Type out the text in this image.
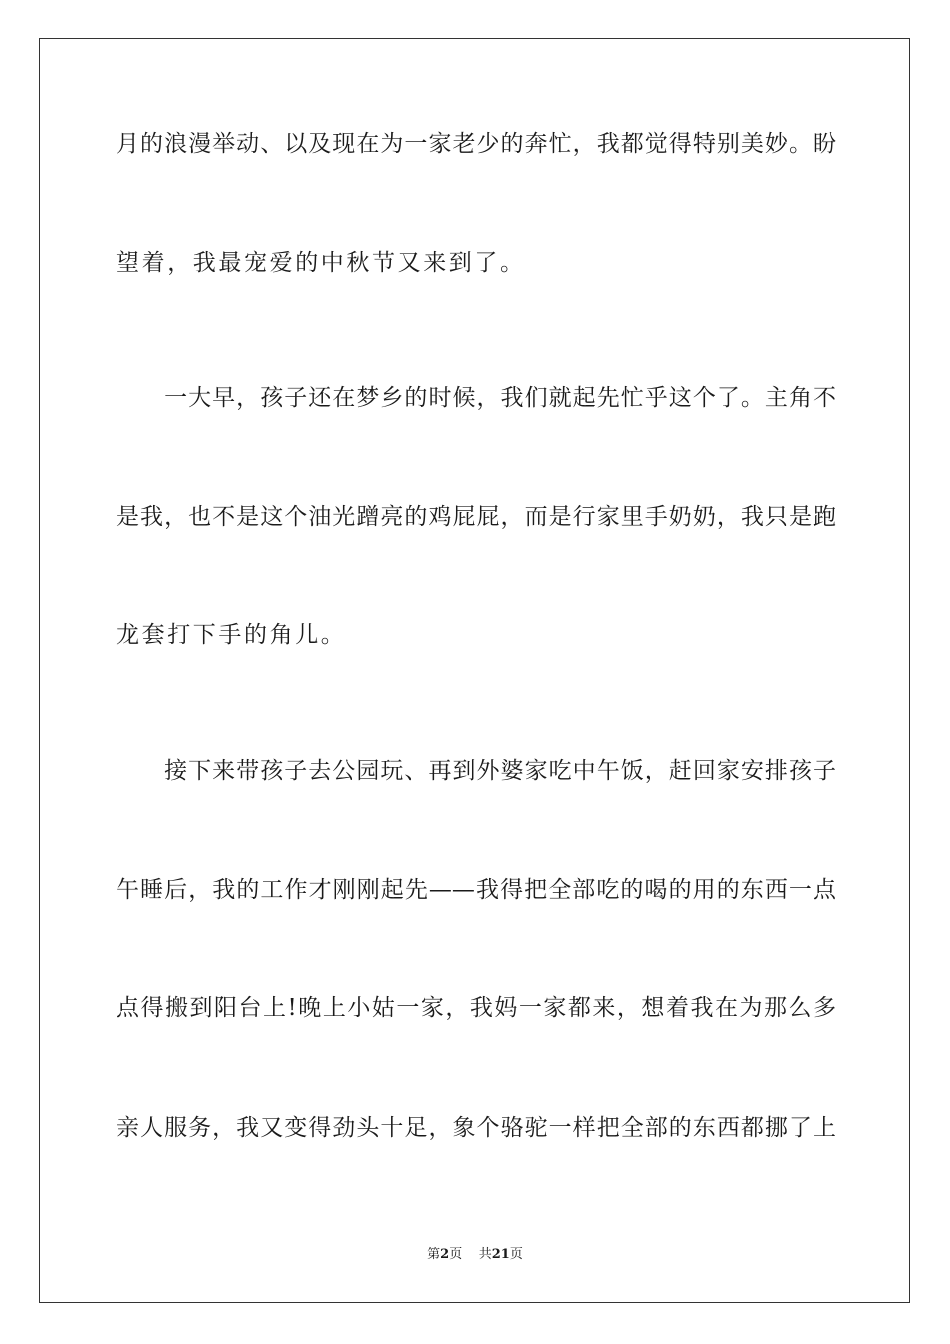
月的浪漫举动、以及现在为一家老少的奔忙，我都觉得特别美妙。盼
望着，我最宠爱的中秋节又来到了。
　　一大早，孩子还在梦乡的时候，我们就起先忙乎这个了。主角不
是我，也不是这个油光蹭亮的鸡屁屁，而是行家里手奶奶，我只是跑
龙套打下手的角儿。
　　接下来带孩子去公园玩、再到外婆家吃中午饭，赶回家安排孩子
午睡后，我的工作才刚刚起先——我得把全部吃的喝的用的东西一点
点得搬到阳台上!晚上小姑一家，我妈一家都来，想着我在为那么多
亲人服务，我又变得劲头十足，象个骆驼一样把全部的东西都挪了上
第2页 共21页
